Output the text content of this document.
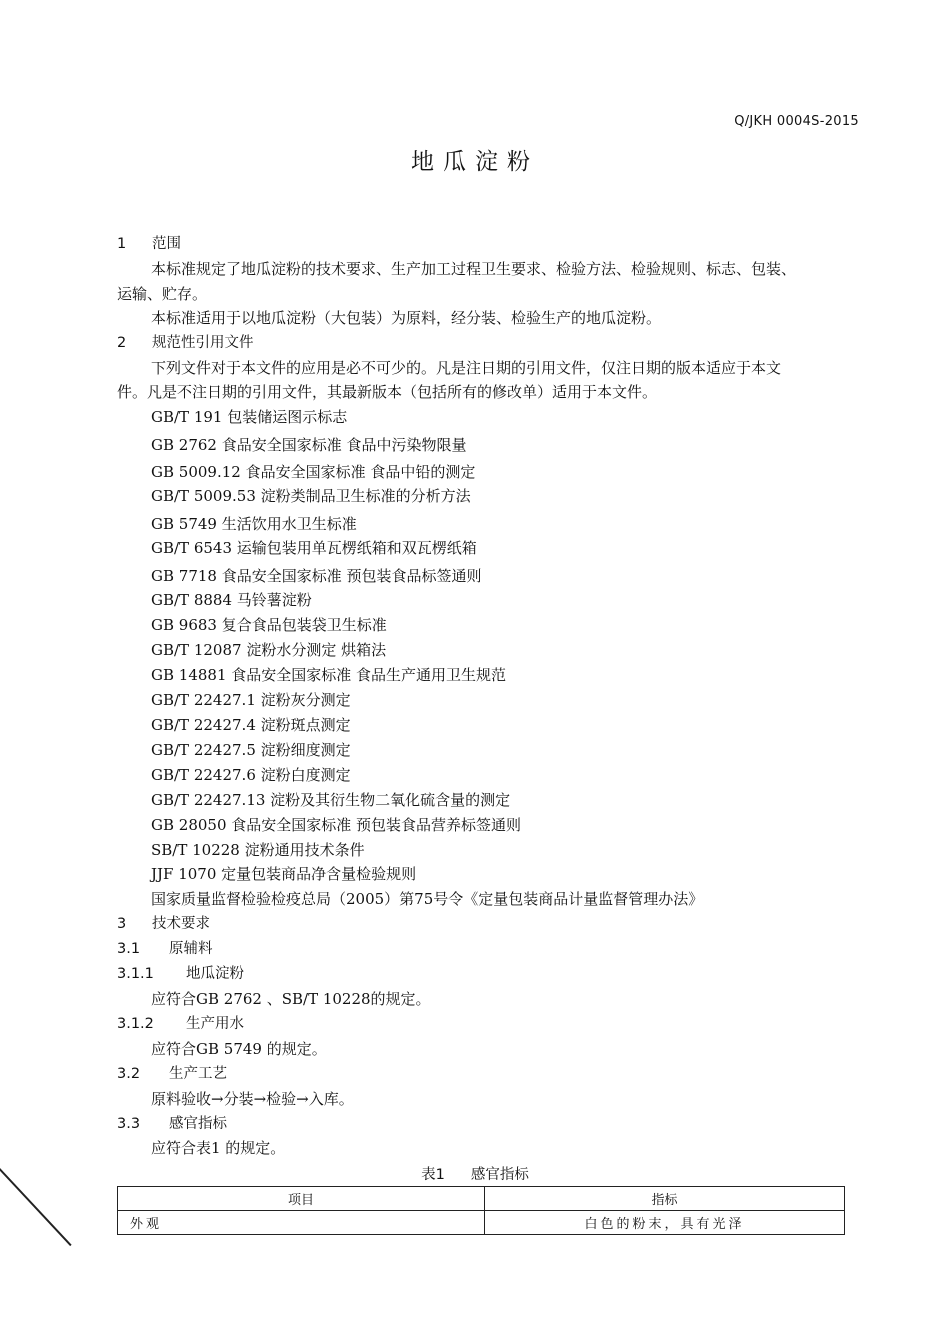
Q/JKH 0004S-2015
地瓜淀粉
1 范围
本标准规定了地瓜淀粉的技术要求、生产加工过程卫生要求、检验方法、检验规则、标志、包装、
运输、贮存。
本标准适用于以地瓜淀粉（大包装）为原料，经分装、检验生产的地瓜淀粉。
2 规范性引用文件
下列文件对于本文件的应用是必不可少的。凡是注日期的引用文件，仅注日期的版本适应于本文
件。凡是不注日期的引用文件，其最新版本（包括所有的修改单）适用于本文件。
GB/T 191 包装储运图示标志
GB 2762 食品安全国家标准 食品中污染物限量
GB 5009.12 食品安全国家标准 食品中铅的测定
GB/T 5009.53 淀粉类制品卫生标准的分析方法
GB 5749 生活饮用水卫生标准
GB/T 6543 运输包装用单瓦楞纸箱和双瓦楞纸箱
GB 7718 食品安全国家标准 预包装食品标签通则
GB/T 8884 马铃薯淀粉
GB 9683 复合食品包装袋卫生标准
GB/T 12087 淀粉水分测定 烘箱法
GB 14881 食品安全国家标准 食品生产通用卫生规范
GB/T 22427.1 淀粉灰分测定
GB/T 22427.4 淀粉斑点测定
GB/T 22427.5 淀粉细度测定
GB/T 22427.6 淀粉白度测定
GB/T 22427.13 淀粉及其衍生物二氧化硫含量的测定
GB 28050 食品安全国家标准 预包装食品营养标签通则
SB/T 10228 淀粉通用技术条件
JJF 1070 定量包装商品净含量检验规则
国家质量监督检验检疫总局（2005）第75号令《定量包装商品计量监督管理办法》
3 技术要求
3.1 原辅料
3.1.1 地瓜淀粉
应符合GB 2762 、SB/T 10228的规定。
3.1.2 生产用水
应符合GB 5749 的规定。
3.2 生产工艺
原料验收→分装→检验→入库。
3.3 感官指标
应符合表1 的规定。
表1 感官指标
项目	指标
外观	白色的粉末，具有光泽
